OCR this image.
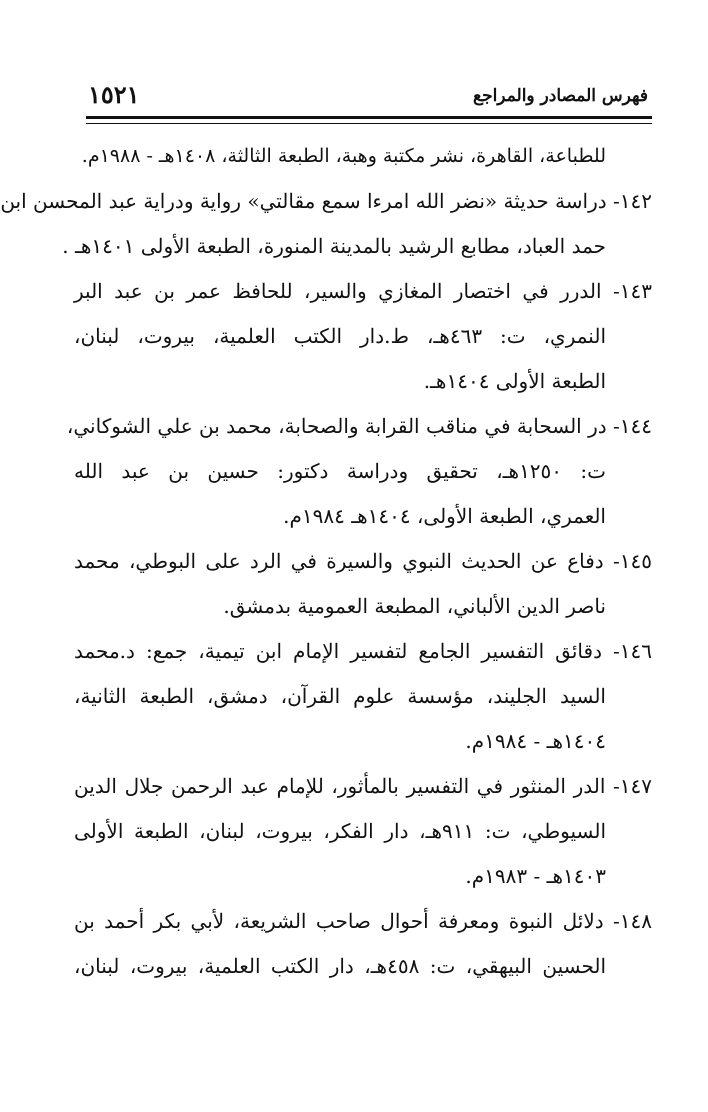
١٥٢١	فهرس المصادر والمراجع
للطباعة، القاهرة، نشر مكتبة وهبة، الطبعة الثالثة، ١٤٠٨هـ - ١٩٨٨م.
١٤٢- دراسة حديثة «نضر الله امرءا سمع مقالتي» رواية ودراية عبد المحسن ابن
حمد العباد، مطابع الرشيد بالمدينة المنورة، الطبعة الأولى ١٤٠١هـ .
١٤٣- الدرر في اختصار المغازي والسير، للحافظ عمر بن عبد البر
النمري، ت: ٤٦٣هـ، ط.دار الكتب العلمية، بيروت، لبنان،
الطبعة الأولى ١٤٠٤هـ.
١٤٤- در السحابة في مناقب القرابة والصحابة، محمد بن علي الشوكاني،
ت: ١٢٥٠هـ، تحقيق ودراسة دكتور: حسين بن عبد الله
العمري، الطبعة الأولى، ١٤٠٤هـ ١٩٨٤م.
١٤٥- دفاع عن الحديث النبوي والسيرة في الرد على البوطي، محمد
ناصر الدين الألباني، المطبعة العمومية بدمشق.
١٤٦- دقائق التفسير الجامع لتفسير الإمام ابن تيمية، جمع: د.محمد
السيد الجليند، مؤسسة علوم القرآن، دمشق، الطبعة الثانية،
١٤٠٤هـ - ١٩٨٤م.
١٤٧- الدر المنثور في التفسير بالمأثور، للإمام عبد الرحمن جلال الدين
السيوطي، ت: ٩١١هـ، دار الفكر، بيروت، لبنان، الطبعة الأولى
١٤٠٣هـ - ١٩٨٣م.
١٤٨- دلائل النبوة ومعرفة أحوال صاحب الشريعة، لأبي بكر أحمد بن
الحسين البيهقي، ت: ٤٥٨هـ، دار الكتب العلمية، بيروت، لبنان،
